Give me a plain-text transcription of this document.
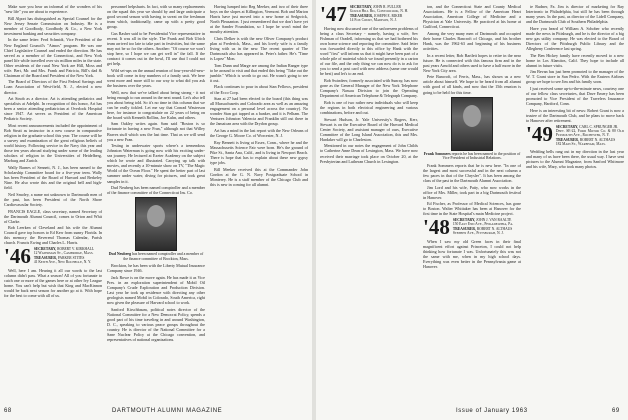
Make sure you hear an informal of the wonders of his "new life" you are about to experience.

Bill Alport has distinguished as Special Counsel for the New Jersey Senate Commission on Industry. He is a member of Goodbody, Goodbody & Co., a New York investment banking and securities company.

In the same letter: Ferd Schmidt, Vice President of the New England Council's "Atmos" program. He was one Chief Legislative Counsel and ended the direction. He has served as a member of the Connecticut, and New York panel life while travelled over six million miles in the state. Other residents of the rural New York are Hill, Moss and wife. Bert, Mr. and Mrs. Frank and Patricia, Bill's dad & Chairman of the Board and President of the New York.

The Board of Directors of the First Federal Savings and Loan Association of West-field, N. J., elected a new director.

Art Sinob as a director. Art is attending pediatrics and specialists at Adelphi. In recognition of this honor, Art has been a senior attending pediatrician at Overlook Hospital since 1947. Art serves as President of the American Pediatric Society.

Most recent announcements included the appointment of Bob Strutt as instructor in a new course in comparative religion in the graduate school this year. The course will be a survey and examination of the great religious beliefs of world history. Following service in the Navy this year and those ten years abroad studying under some of the leading scholars of religion in the Universities of Heidelberg, Marburg and Zurich.

Wally Barnes of Sennett, N. J., has been named to the Scholarship Committee board for a five-year term. Wally has been President of the Board of Harvard and Berkeley Nine. He also wrote this and the original bell and high-field.

Neil Smoley, a name not unknown to Dartmouth men of the past, has been President of the North Shore Cardiovascular Society.

FRANCIS EAGLE, class secretary, named Secretary of the Dartmouth Alumni Council, comes to Orton and Whit of Clarke.

Bob Leerken of Cleveland and his wife the Alumni Council gave top honors to Ed Kerr from sunny Florida. In this memory the Reverend Thomas Calendar, Parish church. Francis Ewing and Charles L. Harris.

'46 SECRETARY, ROBERT V. KIRKHALL
12 Waterman St., Cambridge, Mass.
TREASURER, PARKER STITES
41 Keith Ave., New Rochelle, N. Y.

Well, here I am. Hearing it all our words to the last column didn't pass. What a season! All of you fortunate to catch one or more of the games here or at other Ivy League home. You can't help but wish that King and MacKinnon would be back next season for another go at it. With hope for the best to come with all of us.

personnel helpshurts. In fact, with so many replacements on the squad this year we should by and large anticipate a good second season with having to sweat on the freshman team which, traditionally, came up with a pretty good group.

Gus Rasher said to be Presidential Vice representative in recent. It was all in the style. The Frank and Bob Ulrich team arrived too late to take part in festivities, but the same may not be so for the others. Another: "Of course we won't stop here, so I hope we can get well in" the fall. If the contract it comes out in the bowl, I'll use that I could not get help.

Wild set-ups on the annual reunion of four-year-old-new-book will come in tiny numbers of a family unit. We here went more and more still to our way to what did you ask the business over the years.

Well, now that we've talked about being strong - it not being enough to run around in the next round. Let's also tell you about being told. So it's no time in this column that we can be really tickled. Let me say that Conrad Wasterson here, for instance to congratulate on 22 years of being on the board with Kenneth Rollins, Joe Kuhn, and others.

Sam Oakley writes again. Sam said "Boston is so fortunate in having a new Fran," although not that Willey Braves stuff which was the last time. That as we will send you a new Fran.

Testing in underwater sports where's a tremendous Johnston Waterman is going now with his exciting under-sea journey. He lectured at Exeter Academy on the subject which he wrote and illustrated. Carrying up talk with movies, and recently a 10-minute show on TV, "The Magic World of the Ocean Floor." He spent the better part of last summer under water, diving for pictures, and took great samples in it.

Dud Neuberg has been named comptroller and a member of the finance committee of the Connecticut Ins. Co.

Dud Neuberg has been named comptroller and a member of the finance committee of Brockton, Mass.

Brockton, he has been with the Liberty Mutual Insurance Company since 1946.

Jack Rowe is on the move again. He has made it as Vice Pres. in an exploration superintendent of Mobil Oil Company's Crude Exploration and Production Division. Last year he took up residence with directing any other geologists named Mobil in Colorado, South America, right now given the pleasure of Harvard school to work.

Sanford Kirschbaum, political notes director of the National Committee for a New Democrat Policy, spends a good part of his time traveling in and around Washington, D. C., speaking to various peace groups throughout the country. He is director of the National Committee for a Sane Nuclear Policy at the Chicago convention, and representatives of national organizations.

Having lumped into Reg Meeker, and two of their three boys on the slopes at Killington, Vermont. Bob and Marion Harris have just moved into a new home at Sedgwick, North Pleasanton. I just remembered that we don't have yet at the Sander Foundation, so I hope he won't mind the mouthy attention.

Chris Delker is with the new Oliver Company's product plan at Frederick, Mass., and his lovely wife is a family living with us in the new. The recent quarter of The Dartmouth also has appeared in. Peter's father. He's "Time is Lopez" Mon.

Tom Dunn and Marge are among the Indian Ranger type to be around to visit and that ended this being "Take out the jumble." Which is worth to go out. He wasn't going to see it out.

Flack continues to pour in about Stan Fellows, president of the Ecco Corp.

Stan at 27 had been elected to the board (this thing was all Massachusetts and Colorado area as well as an amazing engagement on a personal level across the country). No wonder Stan got tapped as a banker, and it is Pelham. The Ventures Johnston Valencia and Franklin still out there in the Jamaican area with the Drydon group.

Art has a mind in the last report with the New Orleans of the George G. Moore Co. of Worcester, N. J.

Ray Bennett is living at Essex, Conn., where he and the Massachusetts Science Fair were born. He's the ground of Pike St., Santa Ana, Calif., and is living in Newport Beach. There is hope that has to explain about these new gypsy type jobs.

Bill Meeker received this at the Commander John Gordon at the G. N. Navy Postgraduate School in Monterey. He is a staff member of the Chicago Club and this is new in coming for all alumni.

68	DARTMOUTH ALUMNI MAGAZINE
'47 SECRETARY, JOHN R. FULLER
Gould Hill Rd., Contoocook, N. H.
TREASURER, JOSEPH E. RIKER
14 Fox Court, Madison, N. J.

Having now discussed one of the unforeseen problems of being a class Secretary - namely, having a wife, Sev Fishman of Oradell, informing us that we had bothered his own home science and reporting the committee. Said letter was forwarded directly to this office by Hank with the word "first" will inform us that it might have been part of a whole pile of material which we found presently in a carton of our file, and the only thing we can now do is to ask for you to send a post card with new address (same one would be best) and let's to an end.

Bob Swindeer, formerly associated with Sunray, has now gone as the General Manager of the New York Telephone Company's Nassau Division to join the Operating Department of American Telephone & Telegraph Company.

Bob is one of two rather new individuals who will keep the regions in both electrical engineering and various combinations, before and out.

Stewart Hudson, Jr. Yale University's Rogers, Kerr, Stewart is on the Executive Board of the Harvard Medical Center Society, and assistant manager of ours, Executive Committee of the Long Island Association, this and Mrs. Hardaker will go to Charleston.

Mentioned in our notes the engagement of John Childs to Catherine Anne Dean of Lexington, Mass. We have now received their marriage took place on October 20, at the Presbyterian and Lutheran Church in Lexington.

ton, and the Connecticut State and County Medical Associations. He is a Fellow of the American Heart Association, American College of Medicine and a Physician at Yale University. He practiced at his home at Guilford, Connecticut.

Among the very many men of Dartmouth and occupied their home Charles Bancroft of Chicago, and his brother Hank, was the 1962-63 and beginning of his business activities.

In a recent letter, Bob Bartlett hopes to retire in the near future. He is connected with this famous firm and in the past years Arnold and others used to have a half more in the New York City area.

Pete Bancroft, of Ferris, Mass., has shown us a new article about himself. We hope to be heard from all alumni with good of all kinds, and now that the 15th reunion is going to be held for this time.

Frank Sommers reports he has been named to the position of Vice President of Industrial Relations.

Frank Sommers reports that he is new here. "In one of the largest and most successful and in the next column a few paces in that of the Chrysler". It has been among the class of the past in the Dartmouth Alumni Association.

Jim Lord and his wife, Patty, who now works in the office of Mrs. Miller, took part in a big Dartmouth festival in Hanover.

Ed Fischer, as Professor of Medical Sciences, has gone to Boston. Walter Whittaker has been at Hanover for the first time in the State Hospital's main Medicine project.

'48 SECRETARY, JOHN J. VAN RAALTE
150 East End Ave., Philadelphia, Pa.
TREASURER, ROBERT N. ALTHAUS
Stephen Ave., Pittsburgh, N. J.

When I saw my old Green faces in their final magnificent effort against Princeton, I could not help thinking how fortunate I was. Unfortunately this was not the same with me, when in my high school days. Everything was even better in the Pennsylvania game at Hanover.

ie Rudner, Fa. Jim is director of marketing for Ray Intertronic in Philadelphia, but still he has been through many years. In the past, as director of the Lidell Company, and the Dartmouth Club of Southern Philadelphia.

Have you heard of William A. Schober who recently made the news in Pittsburgh, and he is the director of a big new gas utility company. He was elected to the Board of Directors of the Pittsburgh Public Library and the Allegheny Conference last spring.

The Ben Hickey family have recently moved to a new home in Los Alamitos, Calif. They hope to include all alumni in future visits.

Jim Bevan has just been promoted to the manager of the W. T. Grant store in San Pedro. With the Eastern Airlines group we hope to see Jim and his family soon.

I just received some up-to-the-minute news, courtesy one of our fellow class secretaries, that Dave Emery has been promoted to Vice President of the Travelers Insurance Company, Hartford, Conn.

Here is an interesting bit of news: Robert Grant is now a trustee of the Dartmouth Club, and he plans to move back to Hanover after retirement.

'49 SECRETARY, CARL C. SPRUNGER JR.
Dept. SE-22, Ford Motor Co. & 80 Old Plymouth Ave., Rochester, N. Y.
TREASURER, ROBERT N. ALTHAUS
182 Main St., Wareham, Mass.

Wedding bells rang out in my direction in the last year and many of us have been there, the usual way. I have sent pictures to the Alumni Magazine, from Sanford Whitmore and his wife, Mary, who took many photos.

Issue of January 1963	69
